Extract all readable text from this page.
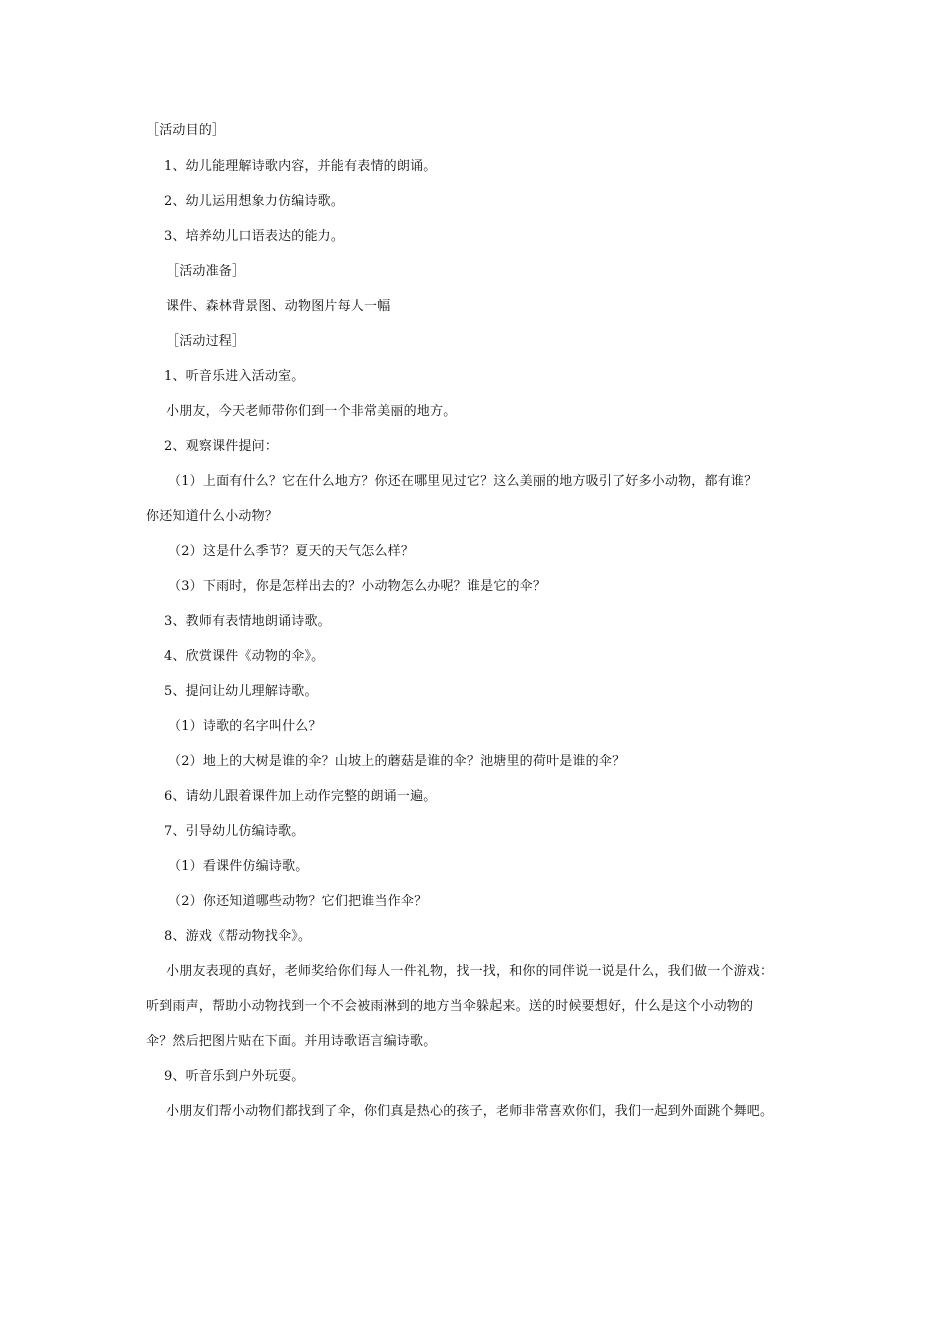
［活动目的］
1、幼儿能理解诗歌内容，并能有表情的朗诵。
2、幼儿运用想象力仿编诗歌。
3、培养幼儿口语表达的能力。
［活动准备］
课件、森林背景图、动物图片每人一幅
［活动过程］
1、听音乐进入活动室。
小朋友，今天老师带你们到一个非常美丽的地方。
2、观察课件提问：
（1）上面有什么？它在什么地方？你还在哪里见过它？这么美丽的地方吸引了好多小动物，都有谁？
你还知道什么小动物？
（2）这是什么季节？夏天的天气怎么样？
（3）下雨时，你是怎样出去的？小动物怎么办呢？谁是它的伞？
3、教师有表情地朗诵诗歌。
4、欣赏课件《动物的伞》。
5、提问让幼儿理解诗歌。
（1）诗歌的名字叫什么？
（2）地上的大树是谁的伞？山坡上的蘑菇是谁的伞？池塘里的荷叶是谁的伞？
6、请幼儿跟着课件加上动作完整的朗诵一遍。
7、引导幼儿仿编诗歌。
（1）看课件仿编诗歌。
（2）你还知道哪些动物？它们把谁当作伞？
8、游戏《帮动物找伞》。
小朋友表现的真好，老师奖给你们每人一件礼物，找一找，和你的同伴说一说是什么，我们做一个游戏：
听到雨声，帮助小动物找到一个不会被雨淋到的地方当伞躲起来。送的时候要想好，什么是这个小动物的
伞？然后把图片贴在下面。并用诗歌语言编诗歌。
9、听音乐到户外玩耍。
小朋友们帮小动物们都找到了伞，你们真是热心的孩子，老师非常喜欢你们，我们一起到外面跳个舞吧。
